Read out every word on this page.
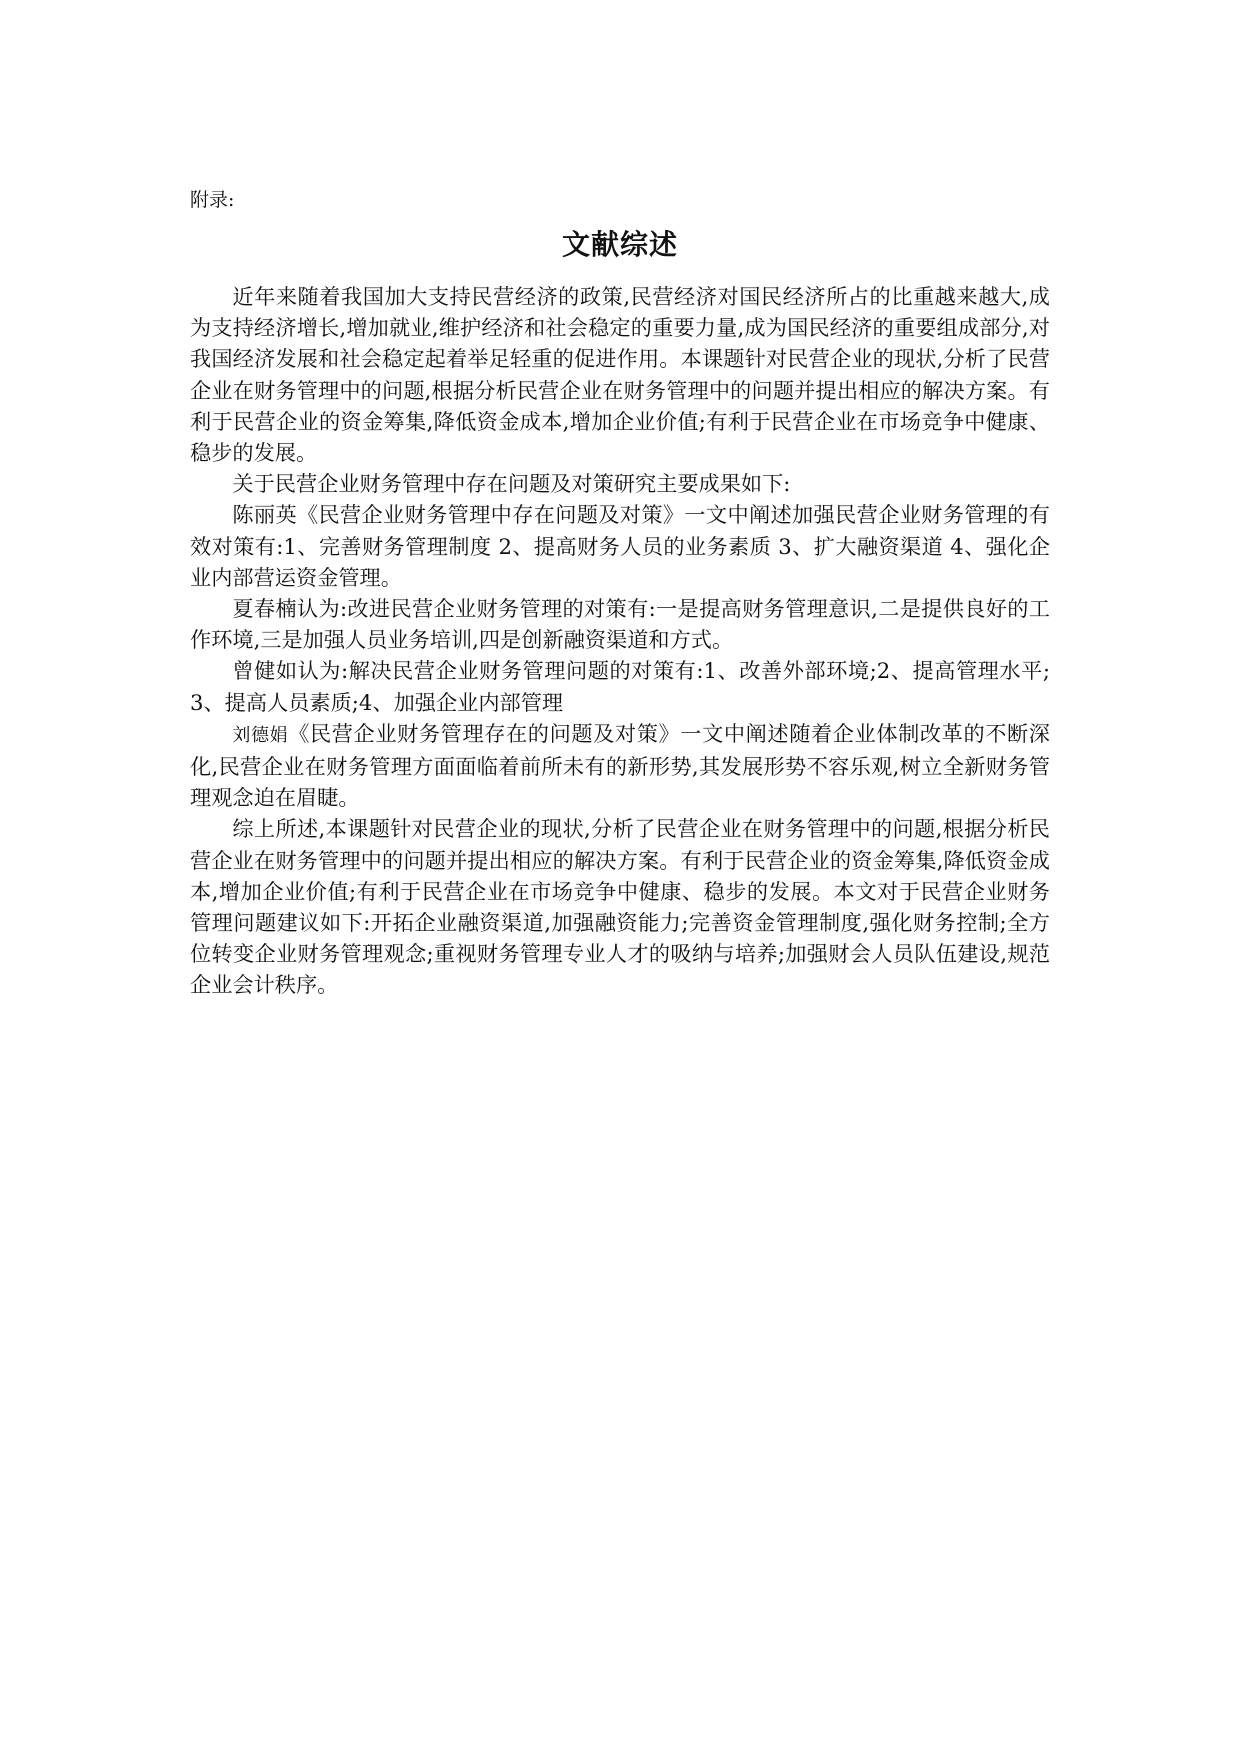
附录:
文献综述

近年来随着我国加大支持民营经济的政策,民营经济对国民经济所占的比重越来越大,成为支持经济增长,增加就业,维护经济和社会稳定的重要力量,成为国民经济的重要组成部分,对我国经济发展和社会稳定起着举足轻重的促进作用。本课题针对民营企业的现状,分析了民营企业在财务管理中的问题,根据分析民营企业在财务管理中的问题并提出相应的解决方案。有利于民营企业的资金筹集,降低资金成本,增加企业价值;有利于民营企业在市场竞争中健康、稳步的发展。

关于民营企业财务管理中存在问题及对策研究主要成果如下:

陈丽英《民营企业财务管理中存在问题及对策》一文中阐述加强民营企业财务管理的有效对策有:1、完善财务管理制度 2、提高财务人员的业务素质 3、扩大融资渠道 4、强化企业内部营运资金管理。

夏春楠认为:改进民营企业财务管理的对策有:一是提高财务管理意识,二是提供良好的工作环境,三是加强人员业务培训,四是创新融资渠道和方式。

曾健如认为:解决民营企业财务管理问题的对策有:1、改善外部环境;2、提高管理水平;3、提高人员素质;4、加强企业内部管理

刘德娟《民营企业财务管理存在的问题及对策》一文中阐述随着企业体制改革的不断深化,民营企业在财务管理方面面临着前所未有的新形势,其发展形势不容乐观,树立全新财务管理观念迫在眉睫。

综上所述,本课题针对民营企业的现状,分析了民营企业在财务管理中的问题,根据分析民营企业在财务管理中的问题并提出相应的解决方案。有利于民营企业的资金筹集,降低资金成本,增加企业价值;有利于民营企业在市场竞争中健康、稳步的发展。本文对于民营企业财务管理问题建议如下:开拓企业融资渠道,加强融资能力;完善资金管理制度,强化财务控制;全方位转变企业财务管理观念;重视财务管理专业人才的吸纳与培养;加强财会人员队伍建设,规范企业会计秩序。
